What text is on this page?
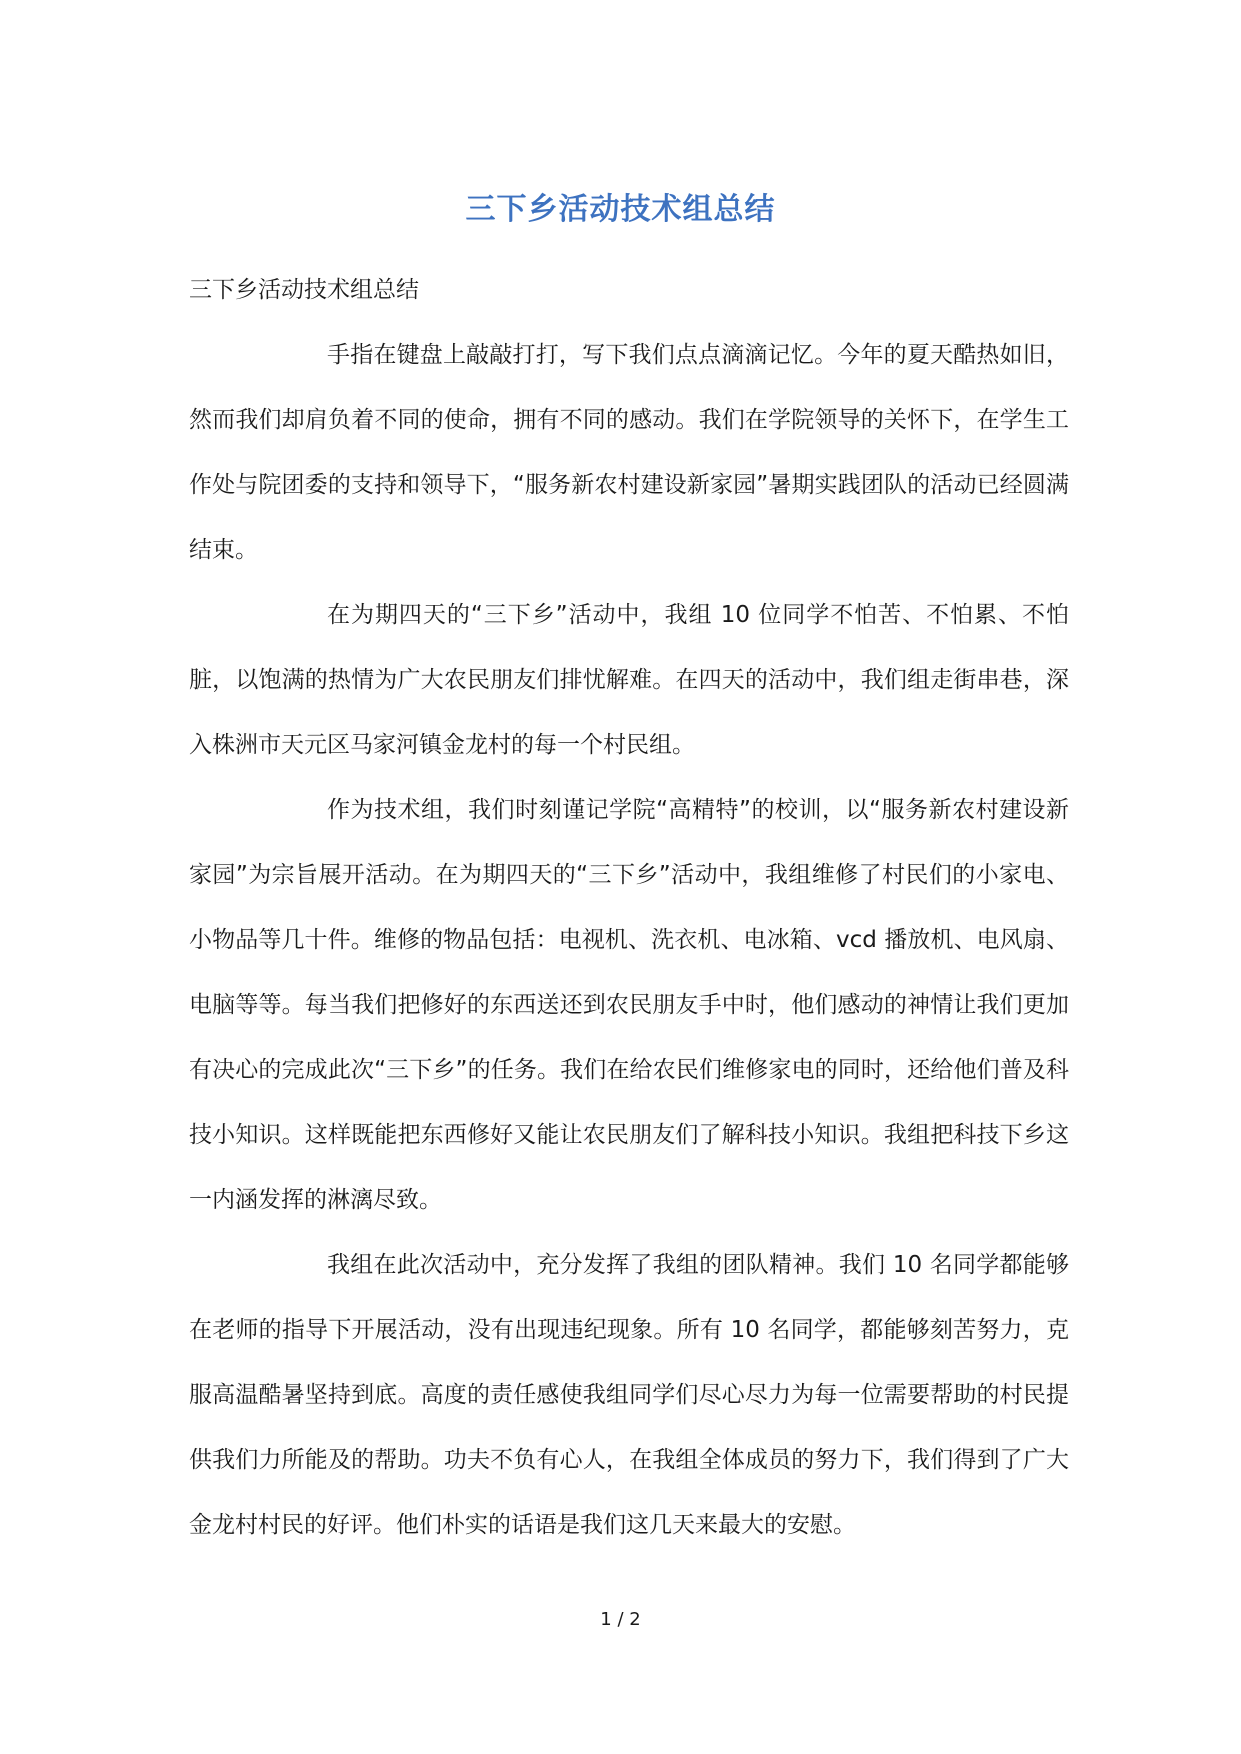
三下乡活动技术组总结

三下乡活动技术组总结

手指在键盘上敲敲打打，写下我们点点滴滴记忆。今年的夏天酷热如旧，然而我们却肩负着不同的使命，拥有不同的感动。我们在学院领导的关怀下，在学生工作处与院团委的支持和领导下，“服务新农村建设新家园”暑期实践团队的活动已经圆满结束。

在为期四天的“三下乡”活动中，我组 10 位同学不怕苦、不怕累、不怕脏，以饱满的热情为广大农民朋友们排忧解难。在四天的活动中，我们组走街串巷，深入株洲市天元区马家河镇金龙村的每一个村民组。

作为技术组，我们时刻谨记学院“高精特”的校训，以“服务新农村建设新家园”为宗旨展开活动。在为期四天的“三下乡”活动中，我组维修了村民们的小家电、小物品等几十件。维修的物品包括：电视机、洗衣机、电冰箱、vcd 播放机、电风扇、电脑等等。每当我们把修好的东西送还到农民朋友手中时，他们感动的神情让我们更加有决心的完成此次“三下乡”的任务。我们在给农民们维修家电的同时，还给他们普及科技小知识。这样既能把东西修好又能让农民朋友们了解科技小知识。我组把科技下乡这一内涵发挥的淋漓尽致。

我组在此次活动中，充分发挥了我组的团队精神。我们 10 名同学都能够在老师的指导下开展活动，没有出现违纪现象。所有 10 名同学，都能够刻苦努力，克服高温酷暑坚持到底。高度的责任感使我组同学们尽心尽力为每一位需要帮助的村民提供我们力所能及的帮助。功夫不负有心人，在我组全体成员的努力下，我们得到了广大金龙村村民的好评。他们朴实的话语是我们这几天来最大的安慰。

1 / 2
